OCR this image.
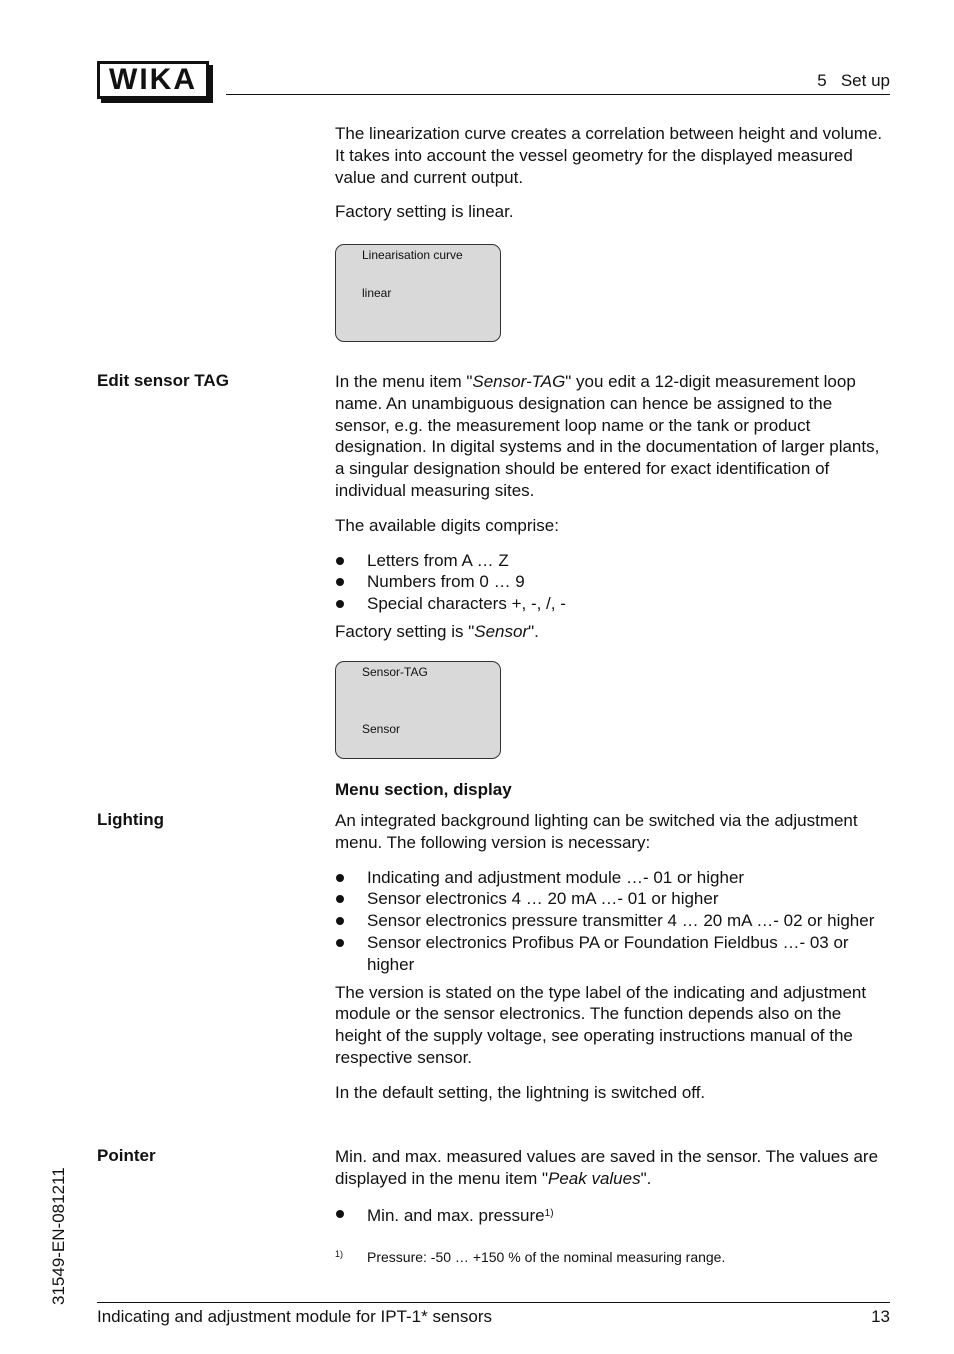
WIKA	5   Set up

The linearization curve creates a correlation between height and volume. It takes into account the vessel geometry for the displayed measured value and current output.

Factory setting is linear.

Linearisation curve
linear
Edit sensor TAG	In the menu item "Sensor-TAG" you edit a 12-digit measurement loop name. An unambiguous designation can hence be assigned to the sensor, e.g. the measurement loop name or the tank or product designation. In digital systems and in the documentation of larger plants, a singular designation should be entered for exact identification of individual measuring sites.

The available digits comprise:

Letters from A … Z
Numbers from 0 … 9
Special characters +, -, /, -

Factory setting is "Sensor".

Sensor-TAG
Sensor
Menu section, display
Lighting	An integrated background lighting can be switched via the adjustment menu. The following version is necessary:

Indicating and adjustment module …- 01 or higher
Sensor electronics 4 … 20 mA …- 01 or higher
Sensor electronics pressure transmitter 4 … 20 mA …- 02 or higher
Sensor electronics Profibus PA or Foundation Fieldbus …- 03 or higher

The version is stated on the type label of the indicating and adjustment module or the sensor electronics. The function depends also on the height of the supply voltage, see operating instructions manual of the respective sensor.

In the default setting, the lightning is switched off.

Pointer	Min. and max. measured values are saved in the sensor. The values are displayed in the menu item "Peak values".

Min. and max. pressure$^{1)}$
1) Pressure: -50 … +150 % of the nominal measuring range.
Indicating and adjustment module for IPT-1* sensors	13
31549-EN-081211
